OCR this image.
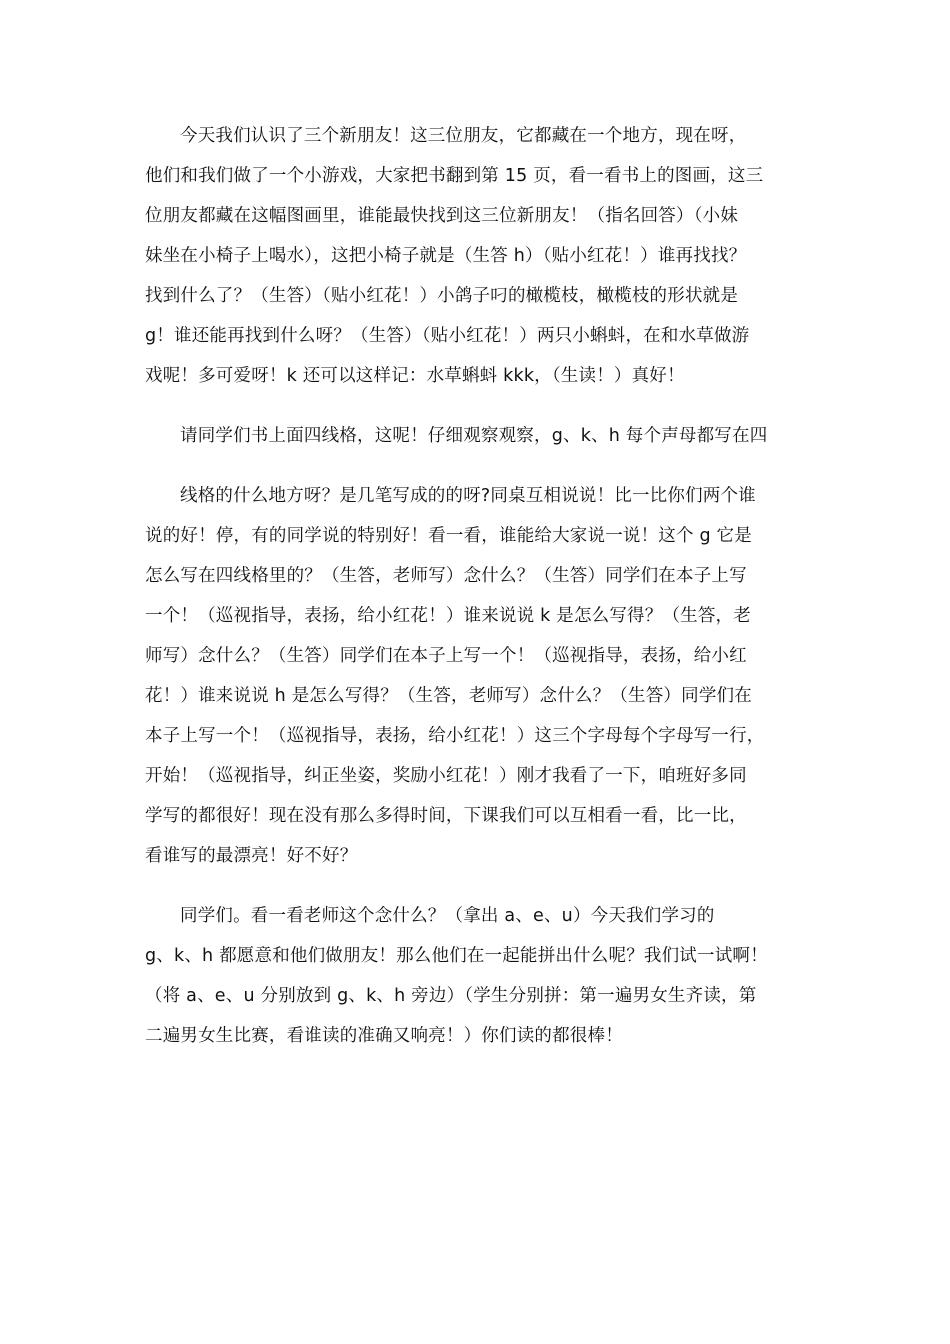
今天我们认识了三个新朋友！这三位朋友，它都藏在一个地方，现在呀，
他们和我们做了一个小游戏，大家把书翻到第 15 页，看一看书上的图画，这三
位朋友都藏在这幅图画里，谁能最快找到这三位新朋友！（指名回答）（小妹
妹坐在小椅子上喝水），这把小椅子就是（生答 h）（贴小红花！）谁再找找？
找到什么了？（生答）（贴小红花！）小鸽子叼的橄榄枝，橄榄枝的形状就是
g！谁还能再找到什么呀？（生答）（贴小红花！）两只小蝌蚪，在和水草做游
戏呢！多可爱呀！k 还可以这样记：水草蝌蚪 kkk，（生读！）真好！

请同学们书上面四线格，这呢！仔细观察观察，g、k、h 每个声母都写在四

线格的什么地方呀？是几笔写成的的呀?同桌互相说说！比一比你们两个谁
说的好！停，有的同学说的特别好！看一看，谁能给大家说一说！这个 g 它是
怎么写在四线格里的？（生答，老师写）念什么？（生答）同学们在本子上写
一个！（巡视指导，表扬，给小红花！）谁来说说 k 是怎么写得？（生答，老
师写）念什么？（生答）同学们在本子上写一个！（巡视指导，表扬，给小红
花！）谁来说说 h 是怎么写得？（生答，老师写）念什么？（生答）同学们在
本子上写一个！（巡视指导，表扬，给小红花！）这三个字母每个字母写一行，
开始！（巡视指导，纠正坐姿，奖励小红花！）刚才我看了一下，咱班好多同
学写的都很好！现在没有那么多得时间，下课我们可以互相看一看，比一比，
看谁写的最漂亮！好不好？

同学们。看一看老师这个念什么？（拿出 a、e、u）今天我们学习的
g、k、h 都愿意和他们做朋友！那么他们在一起能拼出什么呢？我们试一试啊！
（将 a、e、u 分别放到 g、k、h 旁边）（学生分别拼：第一遍男女生齐读，第
二遍男女生比赛，看谁读的准确又响亮！）你们读的都很棒！
